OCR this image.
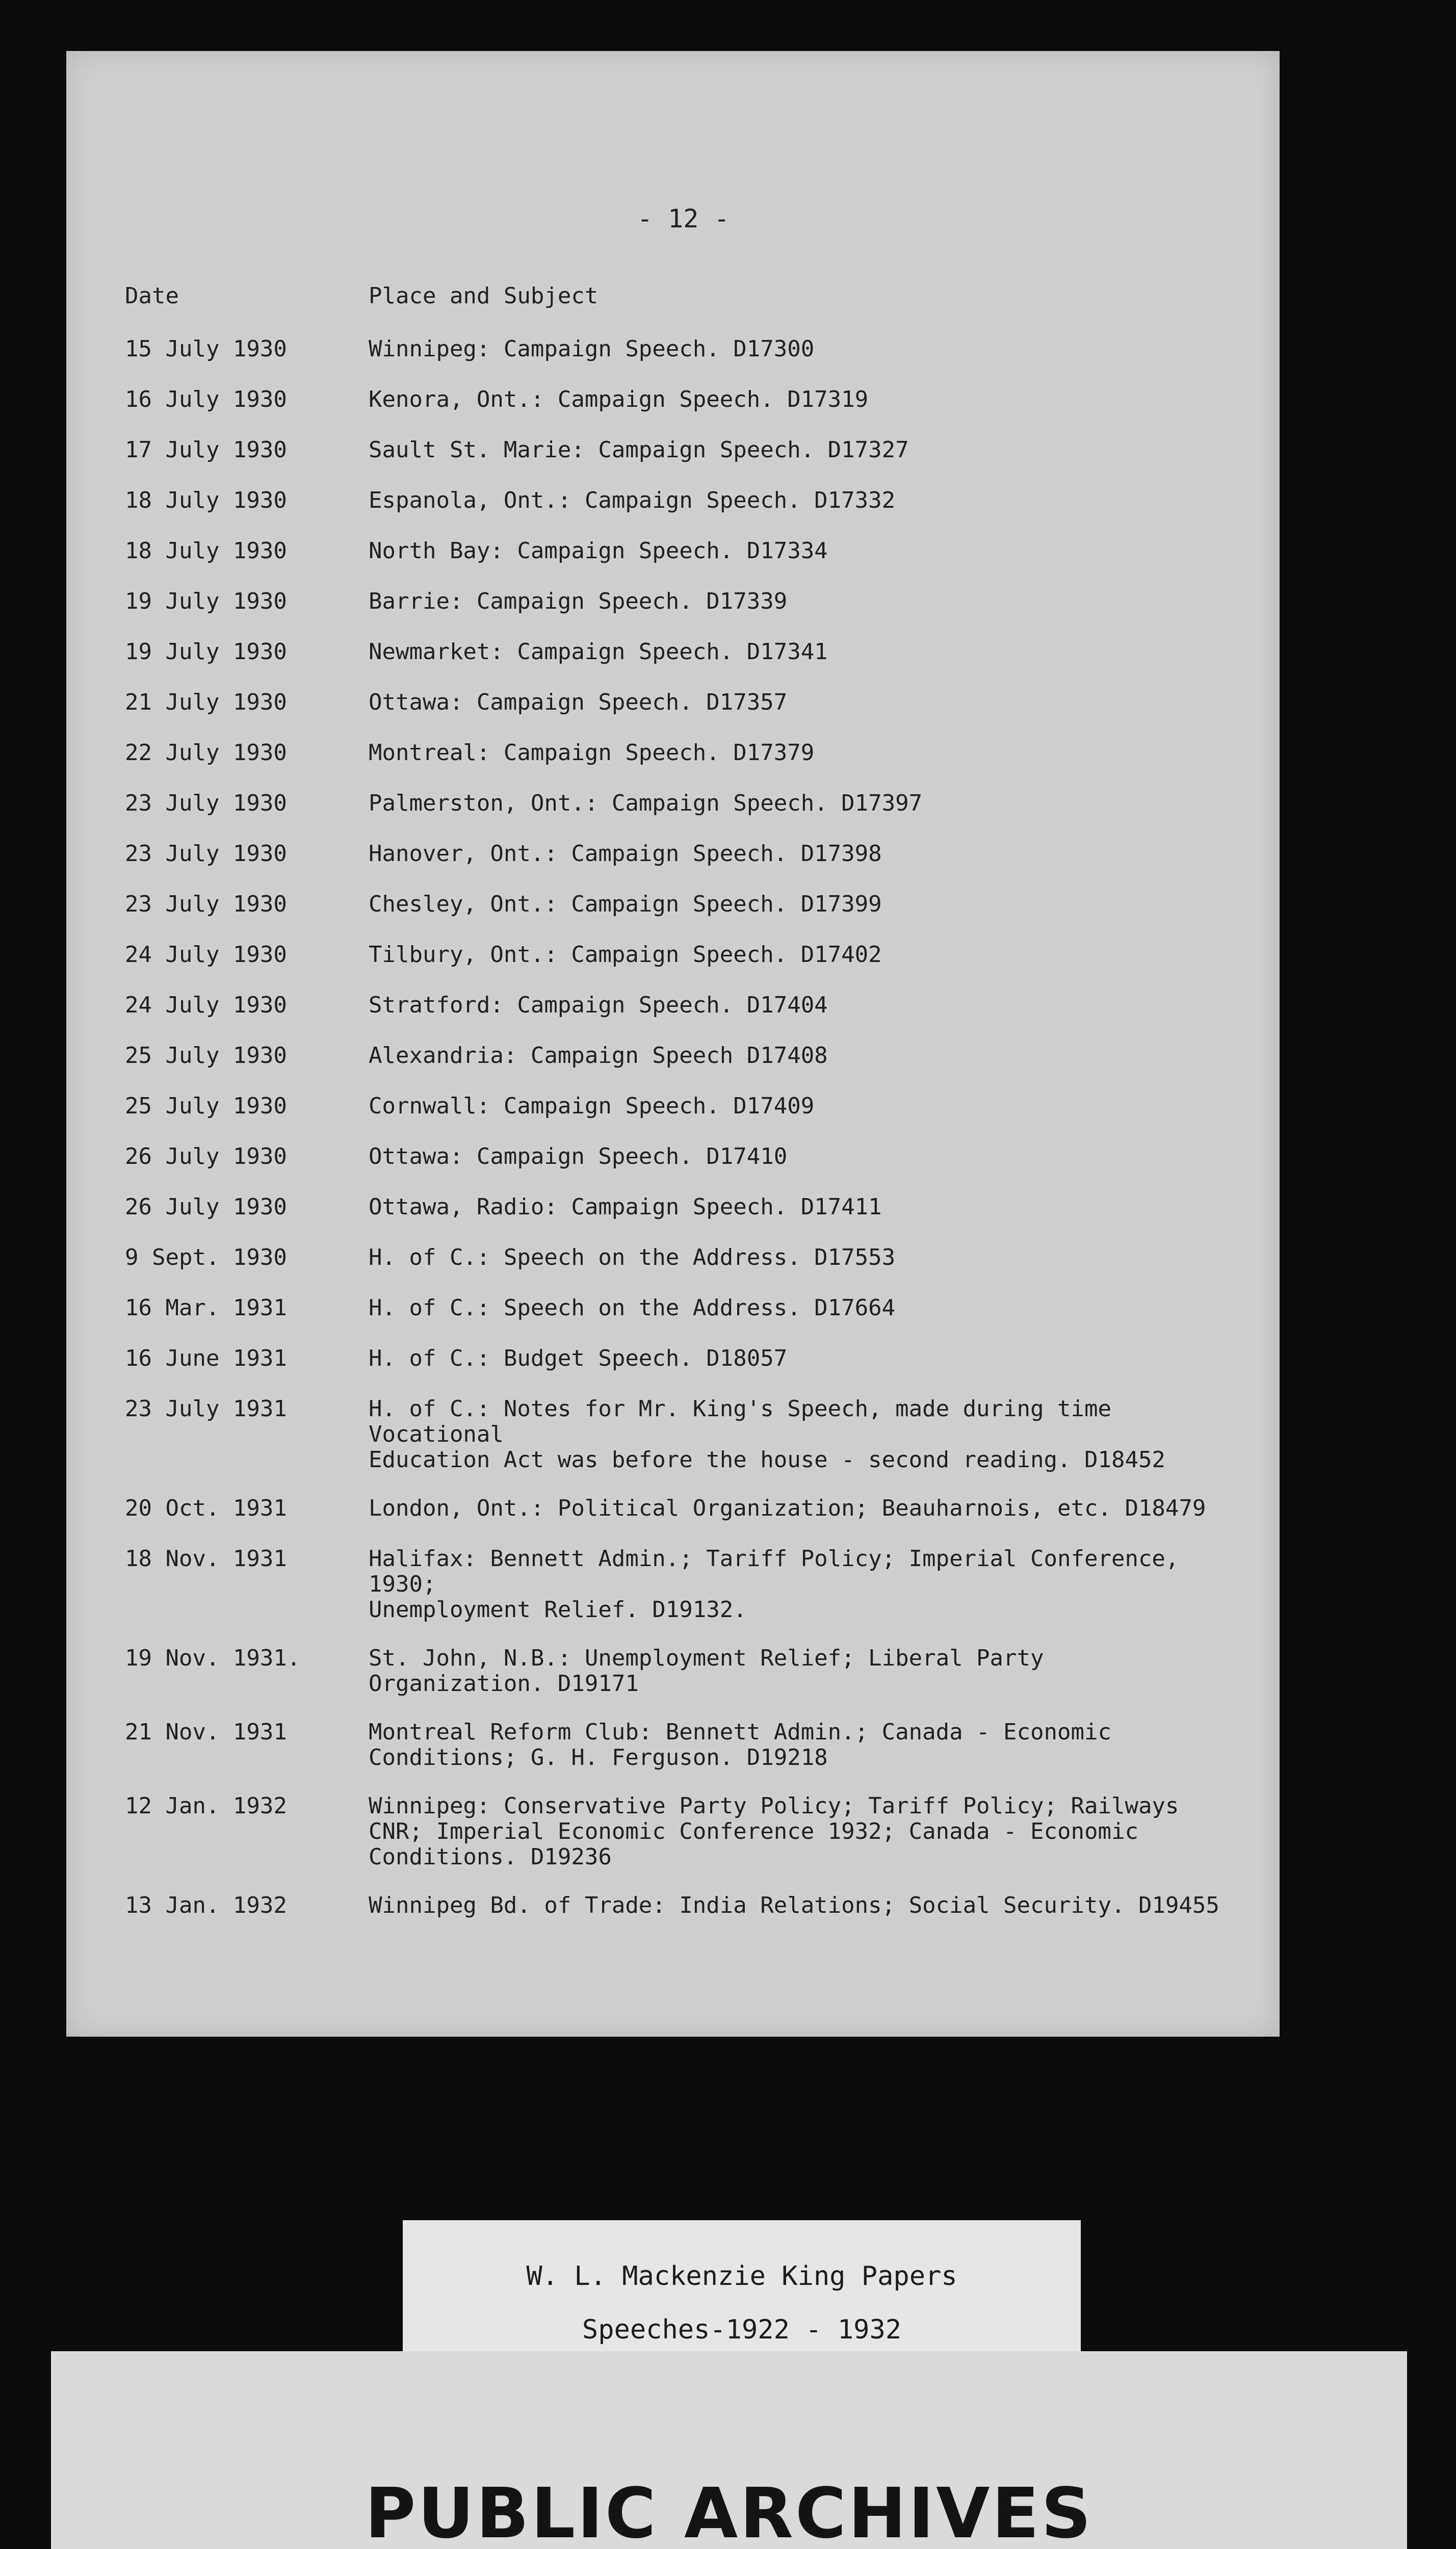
- 12 -
Date	Place and Subject
15 July 1930	Winnipeg: Campaign Speech. D17300
16 July 1930	Kenora, Ont.: Campaign Speech. D17319
17 July 1930	Sault St. Marie: Campaign Speech. D17327
18 July 1930	Espanola, Ont.: Campaign Speech. D17332
18 July 1930	North Bay: Campaign Speech. D17334
19 July 1930	Barrie: Campaign Speech. D17339
19 July 1930	Newmarket: Campaign Speech. D17341
21 July 1930	Ottawa: Campaign Speech. D17357
22 July 1930	Montreal: Campaign Speech. D17379
23 July 1930	Palmerston, Ont.: Campaign Speech. D17397
23 July 1930	Hanover, Ont.: Campaign Speech. D17398
23 July 1930	Chesley, Ont.: Campaign Speech. D17399
24 July 1930	Tilbury, Ont.: Campaign Speech. D17402
24 July 1930	Stratford: Campaign Speech. D17404
25 July 1930	Alexandria: Campaign Speech D17408
25 July 1930	Cornwall: Campaign Speech. D17409
26 July 1930	Ottawa: Campaign Speech. D17410
26 July 1930	Ottawa, Radio: Campaign Speech. D17411
9 Sept. 1930	H. of C.: Speech on the Address. D17553
16 Mar. 1931	H. of C.: Speech on the Address. D17664
16 June 1931	H. of C.: Budget Speech. D18057
23 July 1931	H. of C.: Notes for Mr. King's Speech, made during time Vocational
Education Act was before the house - second reading. D18452
20 Oct. 1931	London, Ont.: Political Organization; Beauharnois, etc. D18479
18 Nov. 1931	Halifax: Bennett Admin.; Tariff Policy; Imperial Conference, 1930;
Unemployment Relief. D19132.
19 Nov. 1931.	St. John, N.B.: Unemployment Relief; Liberal Party
Organization. D19171
21 Nov. 1931	Montreal Reform Club: Bennett Admin.; Canada - Economic
Conditions; G. H. Ferguson. D19218
12 Jan. 1932	Winnipeg: Conservative Party Policy; Tariff Policy; Railways
CNR; Imperial Economic Conference 1932; Canada - Economic
Conditions. D19236
13 Jan. 1932	Winnipeg Bd. of Trade: India Relations; Social Security. D19455
W. L. Mackenzie King Papers
Speeches-1922 - 1932
PUBLIC ARCHIVES
